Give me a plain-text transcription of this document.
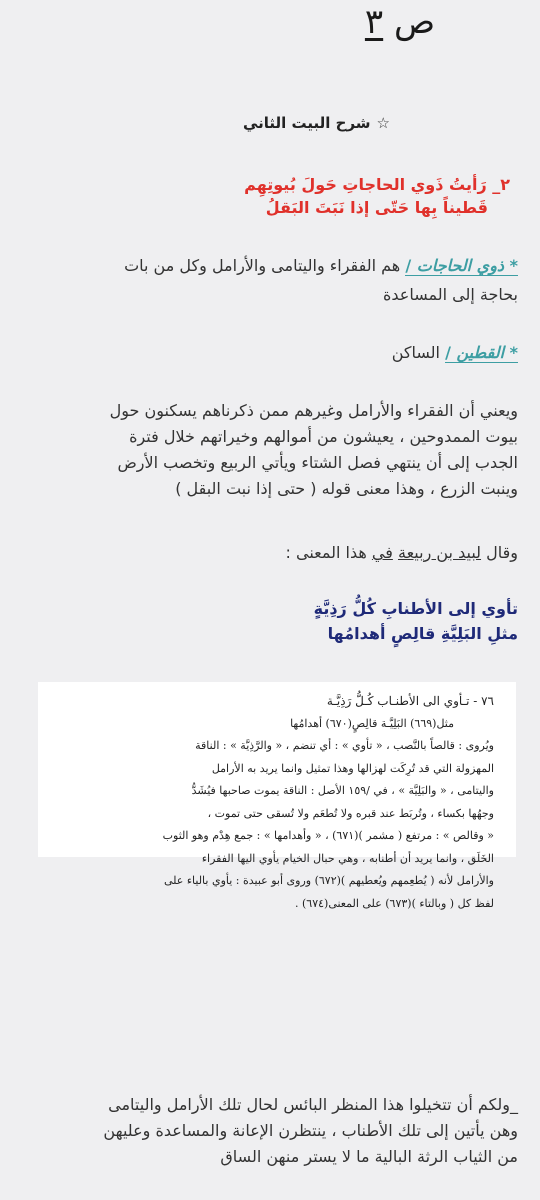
ص ٣
☆شرح البيت الثاني
٢_ رَأيتُ ذَوي الحاجاتِ حَولَ بُيوتِهِم
قَطيناً بِها حَتّى إذا نَبَتَ البَقلُ
* ذوي الحاجات / هم الفقراء واليتامى والأرامل وكل من بات
بحاجة إلى المساعدة
* القطين / الساكن
ويعني أن الفقراء والأرامل وغيرهم ممن ذكرناهم يسكنون حول
بيوت الممدوحين ، يعيشون من أموالهم وخيراتهم خلال فترة
الجدب إلى أن ينتهي فصل الشتاء ويأتي الربيع وتخصب الأرض
وينبت الزرع ، وهذا معنى قوله ( حتى إذا نبت البقل )
وقال لبيد بن ربيعة في هذا المعنى :
تأوي إلى الأطنابِ كُلُّ رَذِيَّةٍ
مثلِ البَلِيَّةِ قالِصٍ أهدامُها
٧٦ - تـأوي الى الأطنـاب كُـلُّ رَذِيَّـة
مثل(٦٦٩) البَلِيَّـة قالِصٍ(٦٧٠) أهدامُها
ويُروى : قالصاً بالنَّصب ، « تأوي » : أي تنضم ، « والرَّذِيَّة » : الناقة
المهزولة التي قد تُرِكَت لهزالها وهذا تمثيل وانما يريد به الأرامل
واليتامى ، « والبَلِيَّة » ، في /١٥٩ الأصل : الناقة يموت صاحبها فيُشَدُّ
وجهُها بكساء ، وتُربَط عند قبره ولا تُطعَم ولا تُسقى حتى تموت ،
« وقالص » : مرتفع ( مشمر )(٦٧١) ، « وأهدامها » : جمع هِدْم وهو الثوب
الخَلَق ، وانما يريد أن أطنابه ، وهي حبال الخيام يأوي اليها الفقراء
والأرامل لأنه ( يُطعِمهم ويُعطيهم )(٦٧٢) وروى أبو عبيدة : يأوي بالياء على
لفظ كل ( وبالتاء )(٦٧٣) على المعنى(٦٧٤) .
_ولكم أن تتخيلوا هذا المنظر البائس لحال تلك الأرامل واليتامى
وهن يأتين إلى تلك الأطناب ، ينتظرن الإعانة والمساعدة وعليهن
من الثياب الرثة البالية ما لا يستر منهن الساق
